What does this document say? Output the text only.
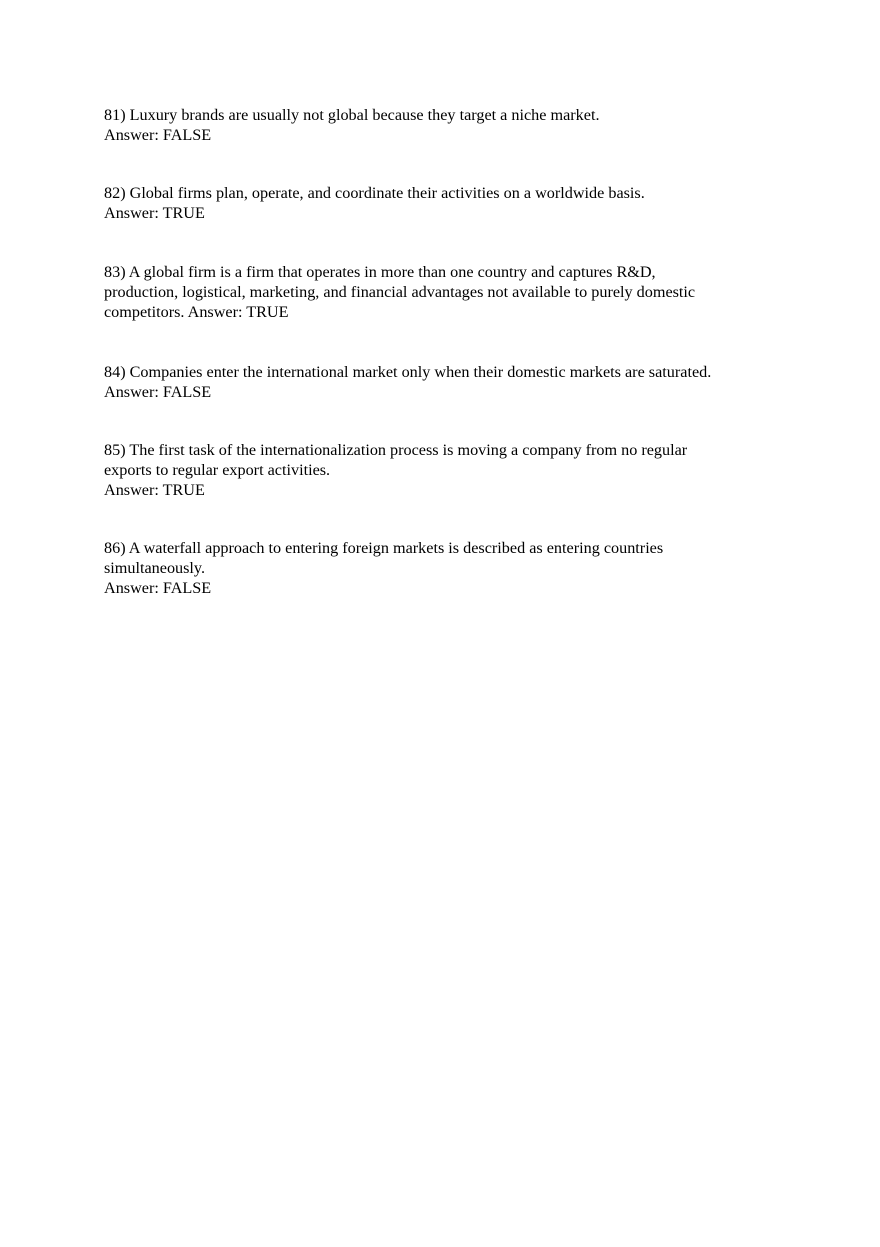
81) Luxury brands are usually not global because they target a niche market.
Answer: FALSE
82) Global firms plan, operate, and coordinate their activities on a worldwide basis.
Answer: TRUE
83) A global firm is a firm that operates in more than one country and captures R&D,
production, logistical, marketing, and financial advantages not available to purely domestic
competitors. Answer: TRUE
84) Companies enter the international market only when their domestic markets are saturated.
Answer: FALSE
85) The first task of the internationalization process is moving a company from no regular
exports to regular export activities.
Answer: TRUE
86) A waterfall approach to entering foreign markets is described as entering countries
simultaneously.
Answer: FALSE
